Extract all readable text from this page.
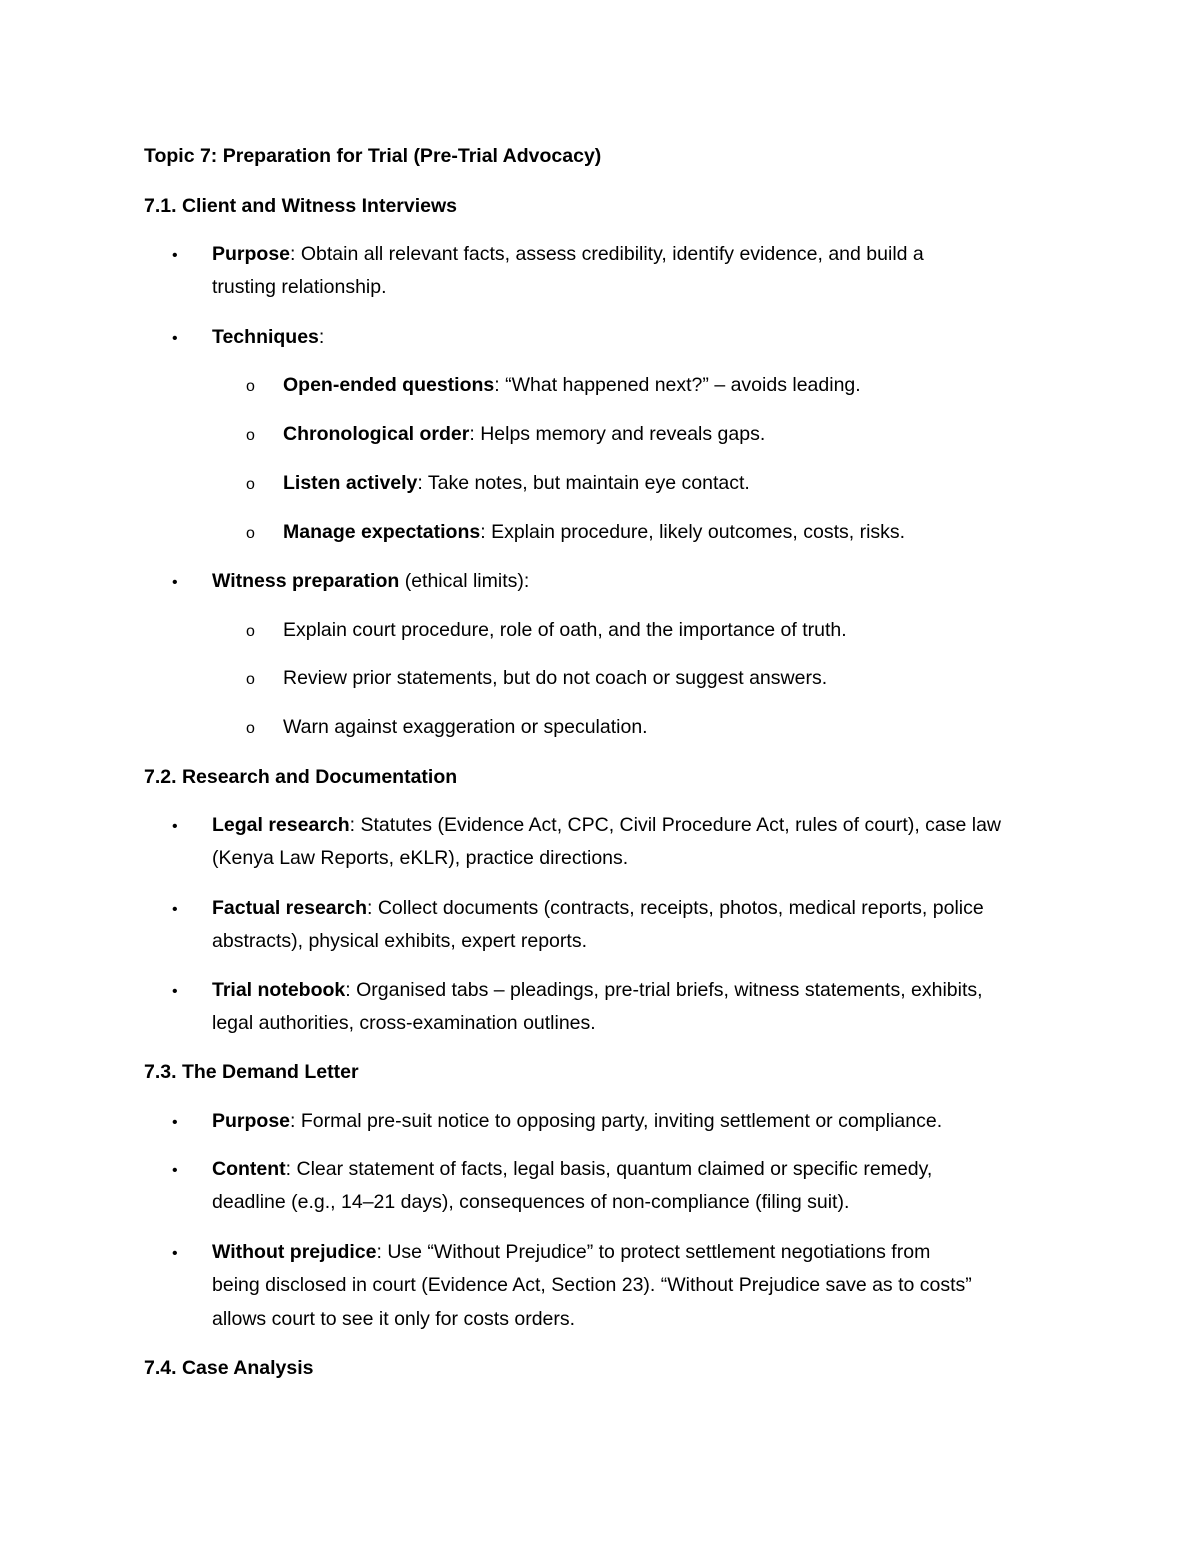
Topic 7: Preparation for Trial (Pre-Trial Advocacy)
7.1. Client and Witness Interviews
• Purpose: Obtain all relevant facts, assess credibility, identify evidence, and build a
trusting relationship.
• Techniques:
o Open-ended questions: “What happened next?” – avoids leading.
o Chronological order: Helps memory and reveals gaps.
o Listen actively: Take notes, but maintain eye contact.
o Manage expectations: Explain procedure, likely outcomes, costs, risks.
• Witness preparation (ethical limits):
o Explain court procedure, role of oath, and the importance of truth.
o Review prior statements, but do not coach or suggest answers.
o Warn against exaggeration or speculation.
7.2. Research and Documentation
• Legal research: Statutes (Evidence Act, CPC, Civil Procedure Act, rules of court), case law
(Kenya Law Reports, eKLR), practice directions.
• Factual research: Collect documents (contracts, receipts, photos, medical reports, police
abstracts), physical exhibits, expert reports.
• Trial notebook: Organised tabs – pleadings, pre-trial briefs, witness statements, exhibits,
legal authorities, cross-examination outlines.
7.3. The Demand Letter
• Purpose: Formal pre-suit notice to opposing party, inviting settlement or compliance.
• Content: Clear statement of facts, legal basis, quantum claimed or specific remedy,
deadline (e.g., 14–21 days), consequences of non-compliance (filing suit).
• Without prejudice: Use “Without Prejudice” to protect settlement negotiations from
being disclosed in court (Evidence Act, Section 23). “Without Prejudice save as to costs”
allows court to see it only for costs orders.
7.4. Case Analysis
